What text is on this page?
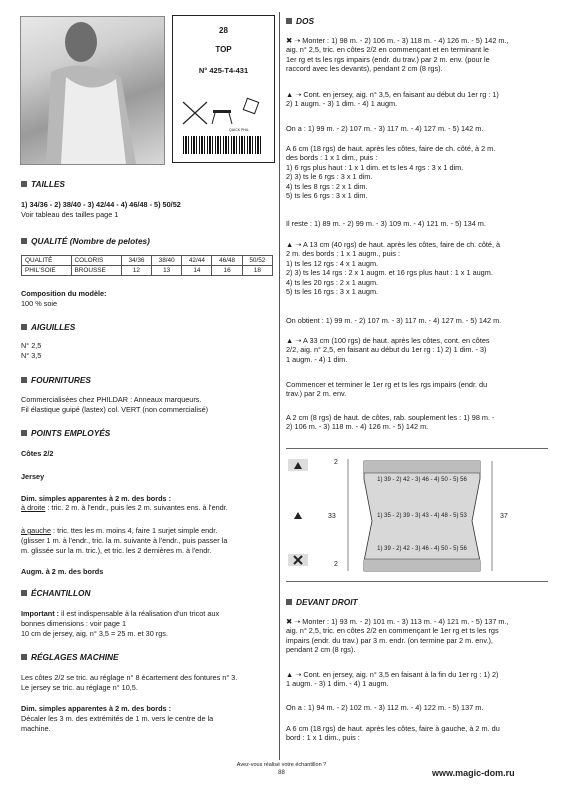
28
TOP
N° 425-T4-431
QUICK PHIL
TAILLES
1) 34/36 - 2) 38/40 - 3) 42/44 - 4) 46/48 - 5) 50/52
Voir tableau des tailles page 1
QUALITÉ (Nombre de pelotes)
QUALITÉ	COLORIS	34/36	38/40	42/44	46/48	50/52
PHIL'SOIE	BROUSSE	12	13	14	16	18
Composition du modèle:
100 % soie
AIGUILLES
N° 2,5
N° 3,5
FOURNITURES
Commercialisées chez PHILDAR : Anneaux marqueurs.
Fil élastique guipé (lastex) col. VERT (non commercialisé)
POINTS EMPLOYÉS
Côtes 2/2
Jersey
Dim. simples apparentes à 2 m. des bords :
à droite : tric. 2 m. à l'endr., puis les 2 m. suivantes ens. à l'endr.
à gauche : tric. ttes les m. moins 4, faire 1 surjet simple endr.
(glisser 1 m. à l'endr., tric. la m. suivante à l'endr., puis passer la
m. glissée sur la m. tric.), et tric. les 2 dernières m. à l'endr.
Augm. à 2 m. des bords
ÉCHANTILLON
Important : il est indispensable à la réalisation d'un tricot aux
bonnes dimensions : voir page 1
10 cm de jersey, aig. n° 3,5 = 25 m. et 30 rgs.
RÉGLAGES MACHINE
Les côtes 2/2 se tric. au réglage n° 8 écartement des fontures n° 3.
Le jersey se tric. au réglage n° 10,5.
Dim. simples apparentes à 2 m. des bords :
Décaler les 3 m. des extrémités de 1 m. vers le centre de la
machine.
DOS
✖ ➝ Monter : 1) 98 m. - 2) 106 m. - 3) 118 m. - 4) 126 m. - 5) 142 m.,
aig. n° 2,5, tric. en côtes 2/2 en commençant et en terminant le
1er rg et ts les rgs impairs (endr. du trav.) par 2 m. env. (pour le
raccord avec les devants), pendant 2 cm (8 rgs).
▲ ➝ Cont. en jersey, aig. n° 3,5, en faisant au début du 1er rg : 1)
2) 1 augm. - 3) 1 dim. - 4) 1 augm.
On a : 1) 99 m. - 2) 107 m. - 3) 117 m. - 4) 127 m. - 5) 142 m.
A 6 cm (18 rgs) de haut. après les côtes, faire de ch. côté, à 2 m.
des bords : 1 x 1 dim., puis :
1) 6 rgs plus haut : 1 x 1 dim. et ts les 4 rgs : 3 x 1 dim.
2) 3) ts le 6 rgs : 3 x 1 dim.
4) ts les 8 rgs : 2 x 1 dim.
5) ts les 6 rgs : 3 x 1 dim.
Il reste : 1) 89 m. - 2) 99 m. - 3) 109 m. - 4) 121 m. - 5) 134 m.
▲ ➝ A 13 cm (40 rgs) de haut. après les côtes, faire de ch. côté, à
2 m. des bords : 1 x 1 augm., puis :
1) ts les 12 rgs : 4 x 1 augm.
2) 3) ts les 14 rgs : 2 x 1 augm. et 16 rgs plus haut : 1 x 1 augm.
4) ts les 20 rgs : 2 x 1 augm.
5) ts les 16 rgs : 3 x 1 augm.
On obtient : 1) 99 m. - 2) 107 m. - 3) 117 m. - 4) 127 m. - 5) 142 m.
▲ ➝ A 33 cm (100 rgs) de haut. après les côtes, cont. en côtes
2/2, aig. n° 2,5, en faisant au début du 1er rg : 1) 2) 1 dim. - 3)
1 augm. - 4) 1 dim.
Commencer et terminer le 1er rg et ts les rgs impairs (endr. du
trav.) par 2 m. env.
A 2 cm (8 rgs) de haut. de côtes, rab. souplement les : 1) 98 m. -
2) 106 m. - 3) 118 m. - 4) 126 m. - 5) 142 m.
2
33
2
37
1) 39 - 2) 42 - 3) 46 - 4) 50 - 5) 56
1) 35 - 2) 39 - 3) 43 - 4) 48 - 5) 53
1) 39 - 2) 42 - 3) 46 - 4) 50 - 5) 56
DEVANT DROIT
✖ ➝ Monter : 1) 93 m. - 2) 101 m. - 3) 113 m. - 4) 121 m. - 5) 137 m.,
aig. n° 2,5, tric. en côtes 2/2 en commençant le 1er rg et ts les rgs
impairs (endr. du trav.) par 3 m. endr. (on termine par 2 m. env.),
pendant 2 cm (8 rgs).
▲ ➝ Cont. en jersey, aig. n° 3,5 en faisant à la fin du 1er rg : 1) 2)
1 augm. - 3) 1 dim. - 4) 1 augm.
On a : 1) 94 m. - 2) 102 m. - 3) 112 m. - 4) 122 m. - 5) 137 m.
A 6 cm (18 rgs) de haut. après les côtes, faire à gauche, à 2 m. du
bord : 1 x 1 dim., puis :
Avez-vous réalisé votre échantillon ?
88	www.magic-dom.ru
